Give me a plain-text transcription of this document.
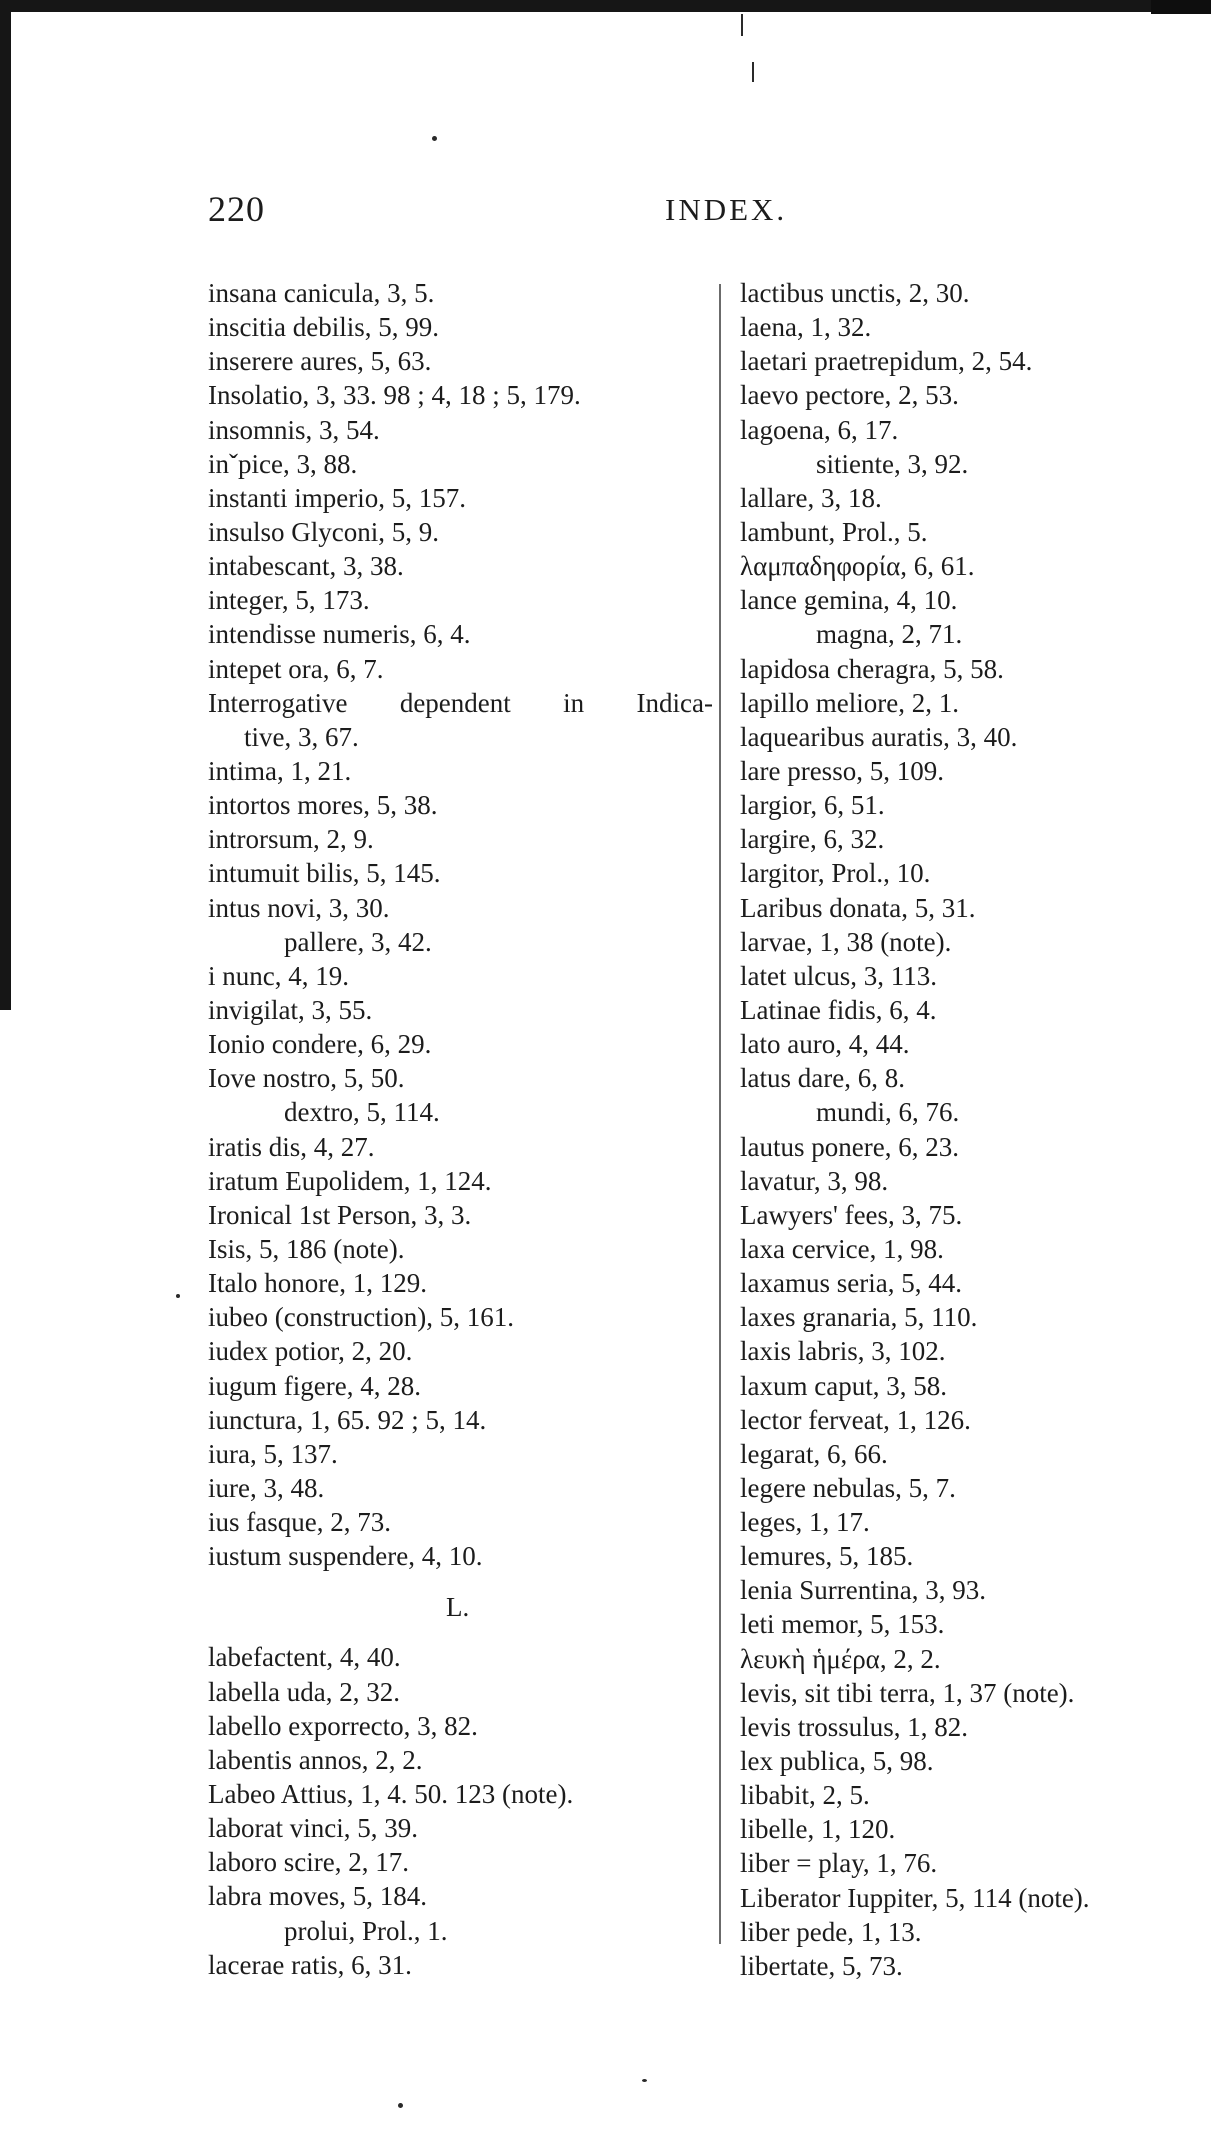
220	INDEX.
insana canicula, 3, 5.
inscitia debilis, 5, 99.
inserere aures, 5, 63.
Insolatio, 3, 33. 98 ; 4, 18 ; 5, 179.
insomnis, 3, 54.
inˇpice, 3, 88.
instanti imperio, 5, 157.
insulso Glyconi, 5, 9.
intabescant, 3, 38.
integer, 5, 173.
intendisse numeris, 6, 4.
intepet ora, 6, 7.
Interrogative dependent in Indica-
tive, 3, 67.
intima, 1, 21.
intortos mores, 5, 38.
introrsum, 2, 9.
intumuit bilis, 5, 145.
intus novi, 3, 30.
pallere, 3, 42.
i nunc, 4, 19.
invigilat, 3, 55.
Ionio condere, 6, 29.
Iove nostro, 5, 50.
dextro, 5, 114.
iratis dis, 4, 27.
iratum Eupolidem, 1, 124.
Ironical 1st Person, 3, 3.
Isis, 5, 186 (note).
Italo honore, 1, 129.
iubeo (construction), 5, 161.
iudex potior, 2, 20.
iugum figere, 4, 28.
iunctura, 1, 65. 92 ; 5, 14.
iura, 5, 137.
iure, 3, 48.
ius fasque, 2, 73.
iustum suspendere, 4, 10.
L.
labefactent, 4, 40.
labella uda, 2, 32.
labello exporrecto, 3, 82.
labentis annos, 2, 2.
Labeo Attius, 1, 4. 50. 123 (note).
laborat vinci, 5, 39.
laboro scire, 2, 17.
labra moves, 5, 184.
prolui, Prol., 1.
lacerae ratis, 6, 31.
lactibus unctis, 2, 30.
laena, 1, 32.
laetari praetrepidum, 2, 54.
laevo pectore, 2, 53.
lagoena, 6, 17.
sitiente, 3, 92.
lallare, 3, 18.
lambunt, Prol., 5.
λαμπαδηφορία, 6, 61.
lance gemina, 4, 10.
magna, 2, 71.
lapidosa cheragra, 5, 58.
lapillo meliore, 2, 1.
laquearibus auratis, 3, 40.
lare presso, 5, 109.
largior, 6, 51.
largire, 6, 32.
largitor, Prol., 10.
Laribus donata, 5, 31.
larvae, 1, 38 (note).
latet ulcus, 3, 113.
Latinae fidis, 6, 4.
lato auro, 4, 44.
latus dare, 6, 8.
mundi, 6, 76.
lautus ponere, 6, 23.
lavatur, 3, 98.
Lawyers' fees, 3, 75.
laxa cervice, 1, 98.
laxamus seria, 5, 44.
laxes granaria, 5, 110.
laxis labris, 3, 102.
laxum caput, 3, 58.
lector ferveat, 1, 126.
legarat, 6, 66.
legere nebulas, 5, 7.
leges, 1, 17.
lemures, 5, 185.
lenia Surrentina, 3, 93.
leti memor, 5, 153.
λευκὴ ἡμέρα, 2, 2.
levis, sit tibi terra, 1, 37 (note).
levis trossulus, 1, 82.
lex publica, 5, 98.
libabit, 2, 5.
libelle, 1, 120.
liber = play, 1, 76.
Liberator Iuppiter, 5, 114 (note).
liber pede, 1, 13.
libertate, 5, 73.
